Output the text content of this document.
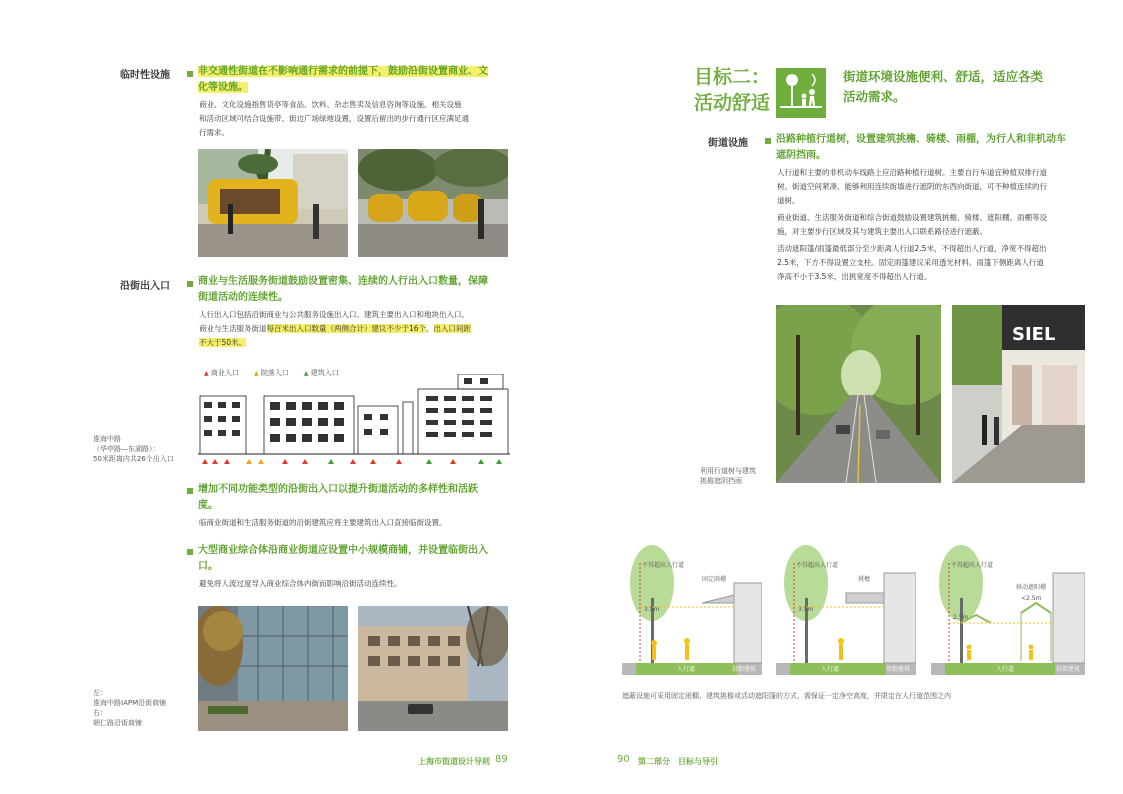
临时性设施	非交通性街道在不影响通行需求的前提下，鼓励沿街设置商业、文
化等设施。
商业、文化设施指售货亭等食品、饮料、杂志售卖及信息咨询等设施。相关设施
和活动区域可结合设施带、街边广场绿地设置，设置后留出的步行通行区应满足通
行需求。
沿街出入口	商业与生活服务街道鼓励设置密集、连续的人行出入口数量，保障
街道活动的连续性。
人行出入口包括沿街商业与公共服务设施出入口、建筑主要出入口和地块出入口。
商业与生活服务街道每百米出入口数量（两侧合计）建议不少于16个，出入口间距
不大于50米。
▲ 商业入口	▲ 院落入口	▲ 建筑入口
淮海中路
（华亭路—东湖路）：
50米距离内共26个出入口
增加不同功能类型的沿街出入口以提升街道活动的多样性和活跃
度。
临商业街道和生活服务街道的沿街建筑应将主要建筑出入口直接临街设置。
大型商业综合体沿商业街道应设置中小规模商铺，并设置临街出入
口。
避免将人流过度导入商业综合体内街而影响沿街活动连续性。
左：
淮海中路IAPM沿街商铺
右：
朝仁路沿街商铺
上海市街道设计导则 89
目标二：
活动舒适
街道环境设施便利、舒适，适应各类
活动需求。
街道设施	沿路种植行道树，设置建筑挑檐、骑楼、雨棚，为行人和非机动车
遮阴挡雨。
人行道和主要的非机动车线路上应沿路种植行道树。主要自行车道宜种植双排行道
树。街道空间紧凑、能够利用连续街墙进行遮阴的东西向街道，可不种植连续的行
道树。
商业街道、生活服务街道和综合街道鼓励设置建筑挑檐、骑楼、遮阳棚、雨棚等设
施，对主要步行区域及其与建筑主要出入口联系路径进行遮蔽。
活动遮阳篷/雨篷最低部分至少距离人行道2.5米，不得超出人行道，净宽不得超出
2.5米，下方不得设置立支柱。固定雨篷建议采用透光材料。雨篷下侧距离人行道
净高不小于3.5米，出挑宽度不得超出人行道。
SIEL
利用行道树与建筑
挑檐遮阴挡雨
不得超出人行道
固定雨棚
3.5m
人行道	沿街建筑
不得超出人行道
挑檐
3.5m
人行道	沿街建筑
不得超出人行道
移动遮阳棚
<2.5m
2.5m
人行道	沿街建筑
遮蔽设施可采用固定雨棚、建筑挑檐或活动遮阳篷的方式，需保证一定净空高度，并限定在人行道范围之内
90 第二部分 目标与导引
